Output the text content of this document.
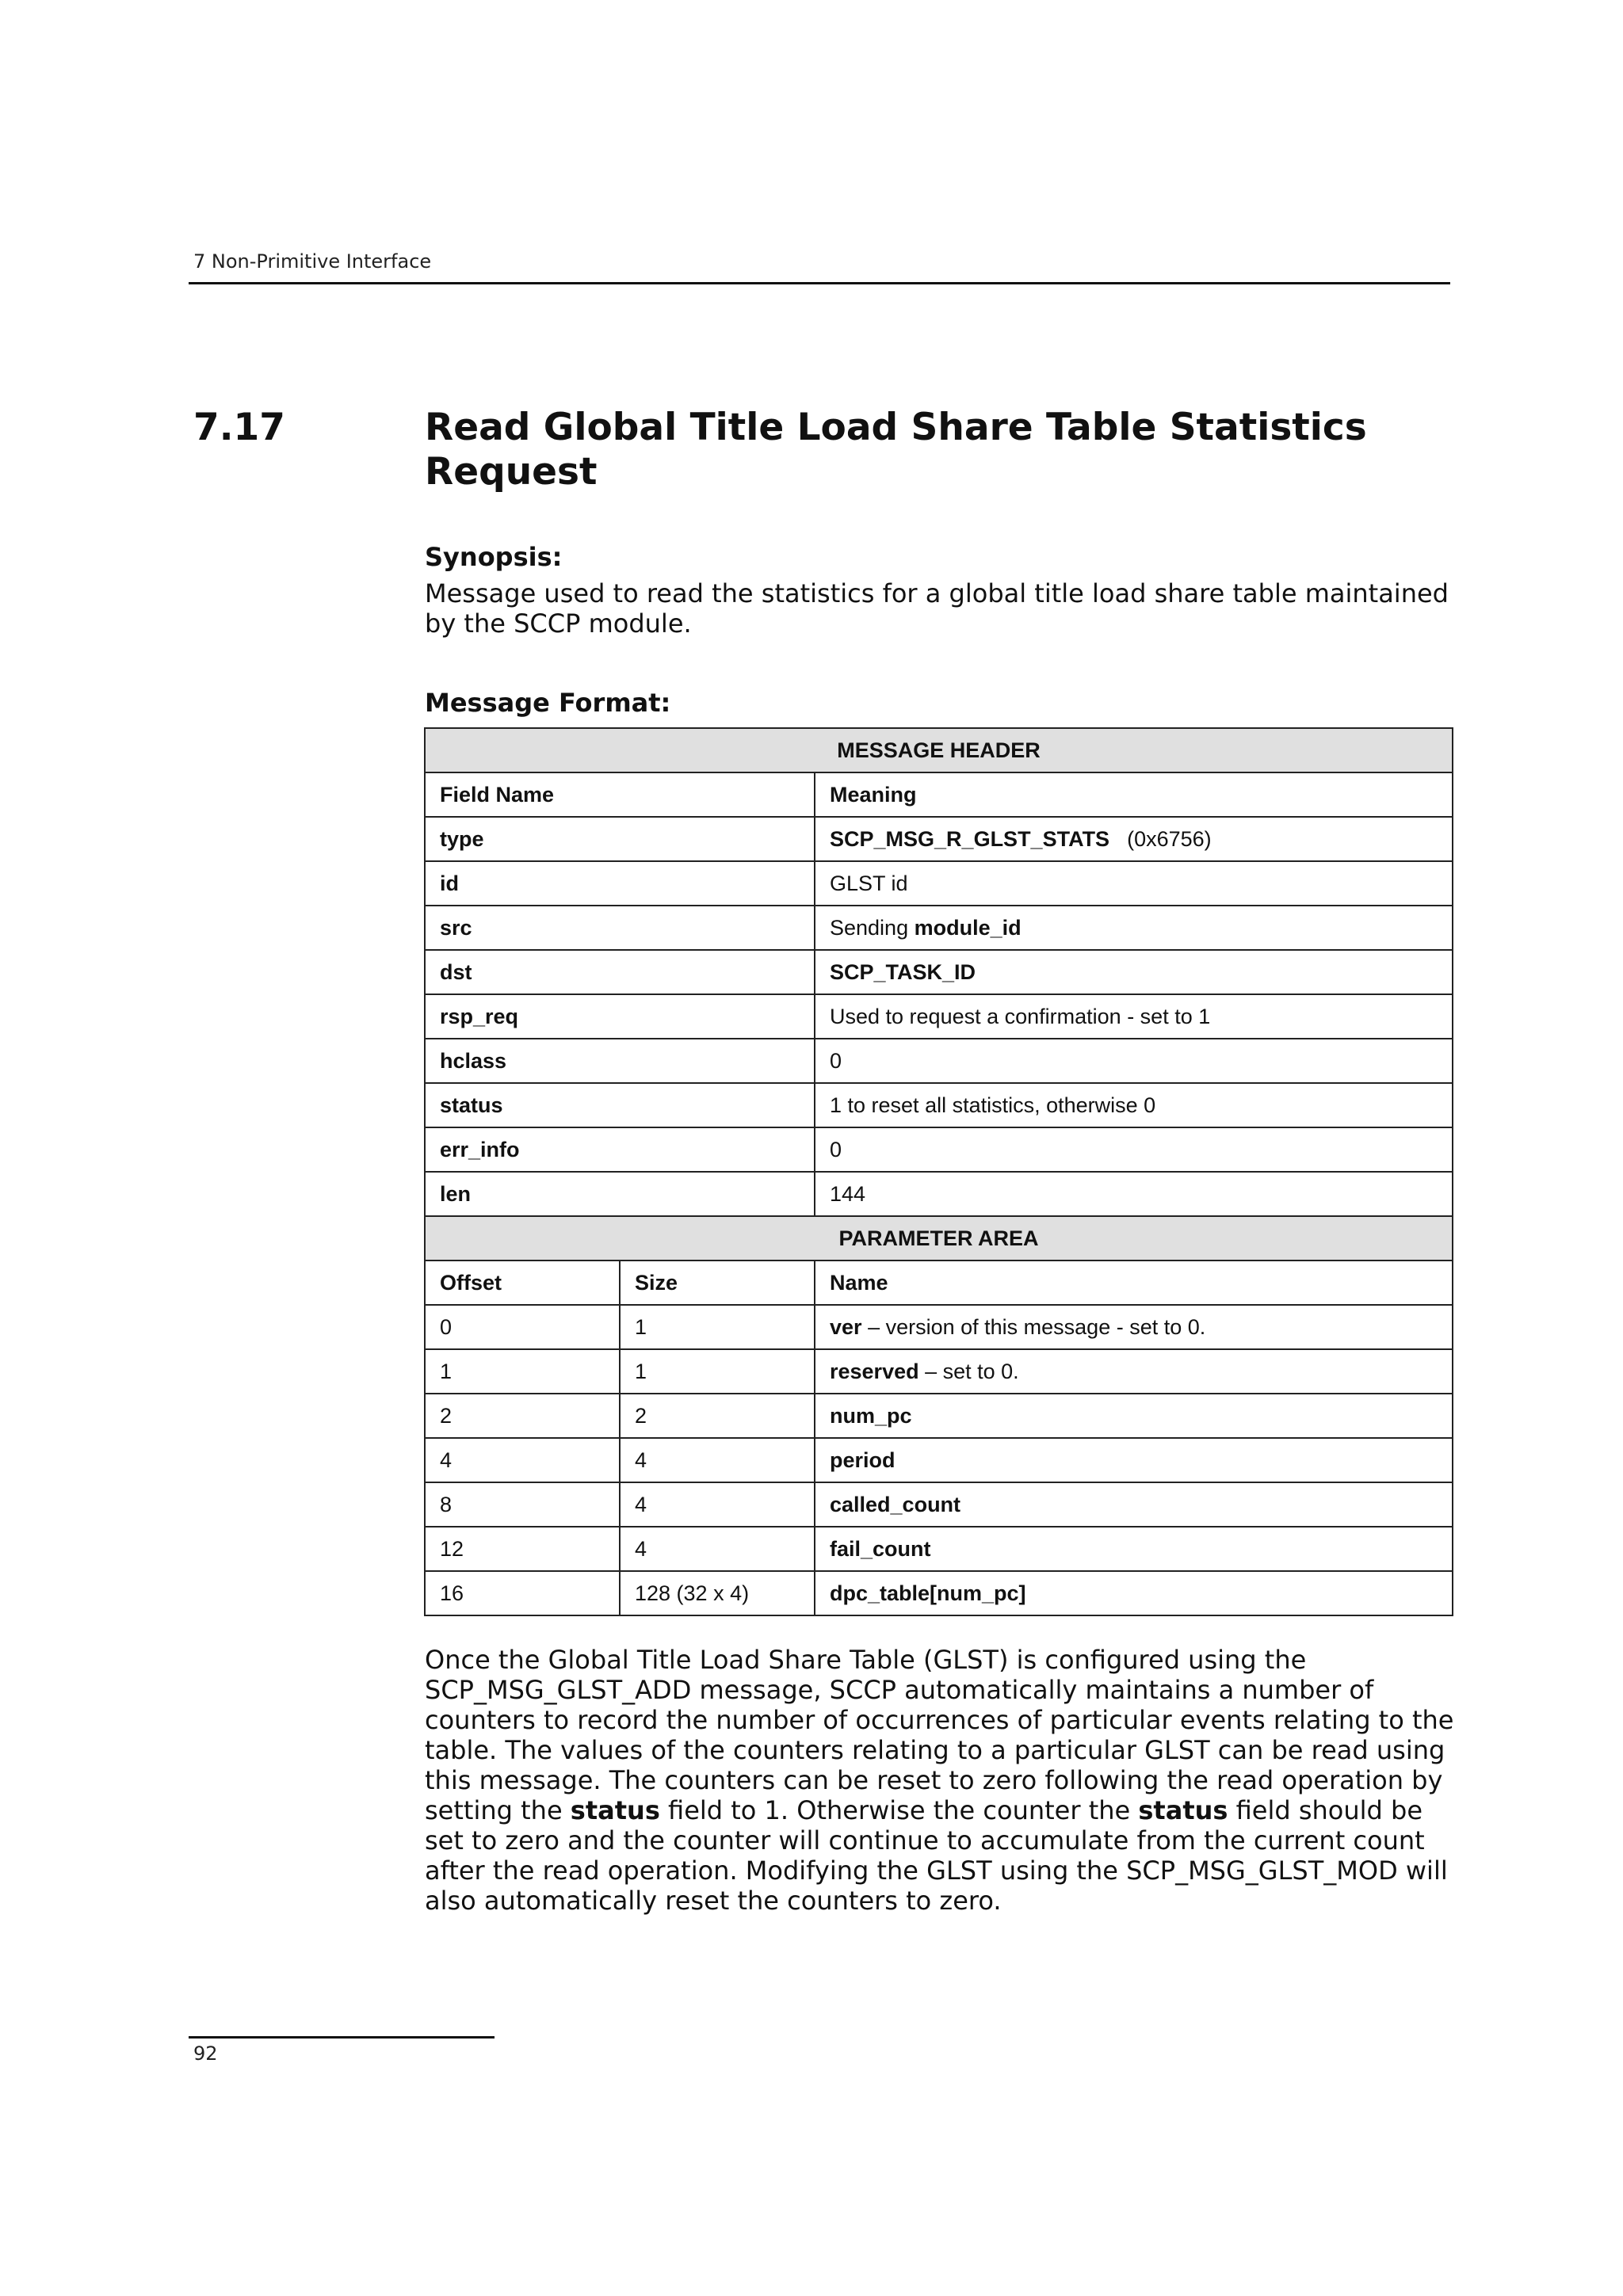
7 Non-Primitive Interface
7.17	Read Global Title Load Share Table Statistics Request
Synopsis:
Message used to read the statistics for a global title load share table maintained by the SCCP module.
Message Format:
MESSAGE HEADER		
Field Name		Meaning
type		SCP_MSG_R_GLST_STATS (0x6756)
id		GLST id
src		Sending module_id
dst		SCP_TASK_ID
rsp_req		Used to request a confirmation - set to 1
hclass		0
status		1 to reset all statistics, otherwise 0
err_info		0
len		144
PARAMETER AREA		
Offset	Size	Name
0	1	ver – version of this message - set to 0.
1	1	reserved – set to 0.
2	2	num_pc
4	4	period
8	4	called_count
12	4	fail_count
16	128 (32 x 4)	dpc_table[num_pc]
Once the Global Title Load Share Table (GLST) is configured using the SCP_MSG_GLST_ADD message, SCCP automatically maintains a number of counters to record the number of occurrences of particular events relating to the table. The values of the counters relating to a particular GLST can be read using this message. The counters can be reset to zero following the read operation by setting the status field to 1. Otherwise the counter the status field should be set to zero and the counter will continue to accumulate from the current count after the read operation. Modifying the GLST using the SCP_MSG_GLST_MOD will also automatically reset the counters to zero.
92
